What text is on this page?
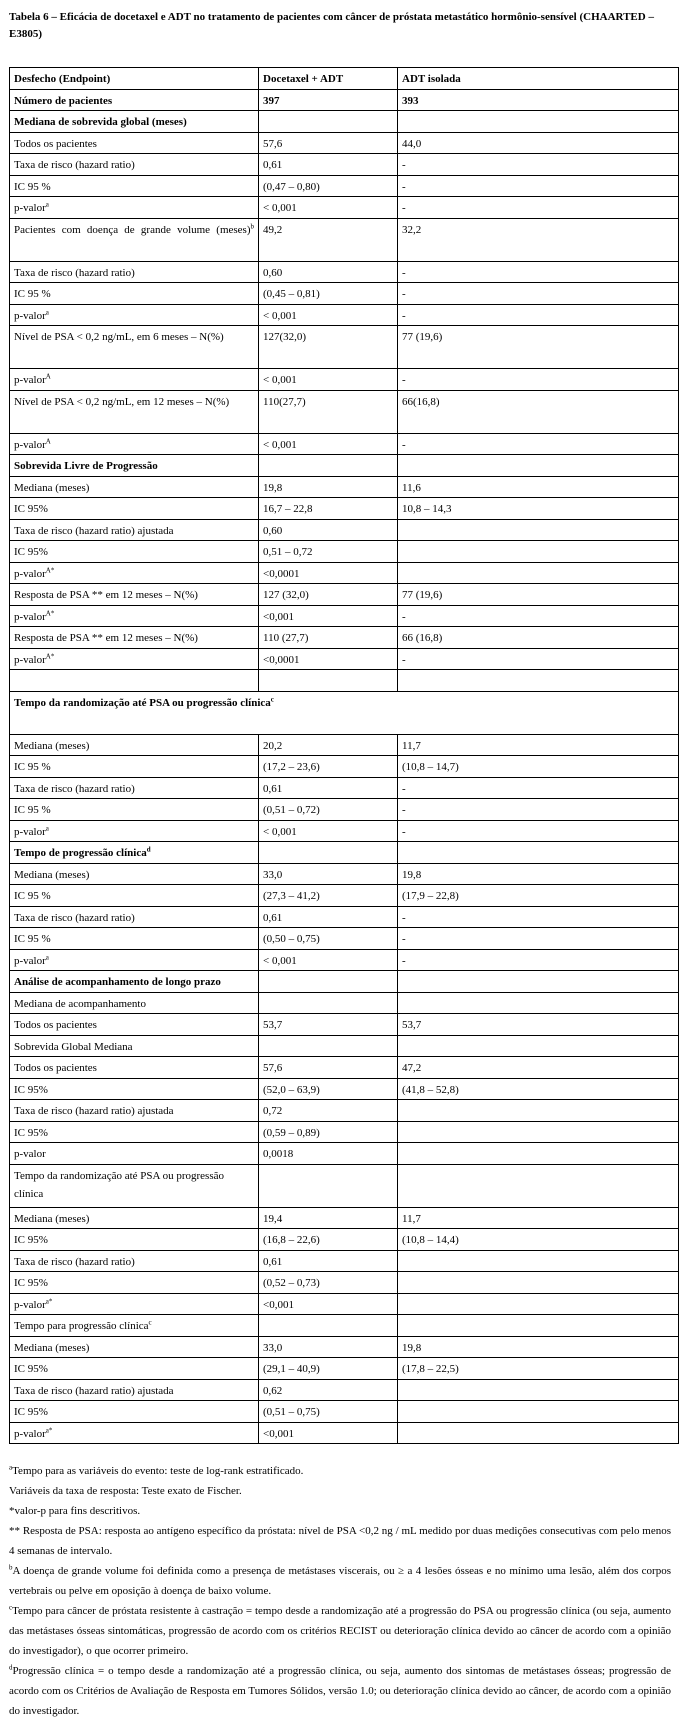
Tabela 6 – Eficácia de docetaxel e ADT no tratamento de pacientes com câncer de próstata metastático hormônio-sensível (CHAARTED – E3805)
Desfecho (Endpoint)	Docetaxel + ADT	ADT isolada
Número de pacientes	397	393
Mediana de sobrevida global (meses)		
Todos os pacientes	57,6	44,0
Taxa de risco (hazard ratio)	0,61	-
IC 95 %	(0,47 – 0,80)	-
p-valor$^a$	< 0,001	-
Pacientes com doença de grande volume (meses)$^b$	49,2	32,2
Taxa de risco (hazard ratio)	0,60	-
IC 95 %	(0,45 – 0,81)	-
p-valor$^a$	< 0,001	-
Nível de PSA < 0,2 ng/mL, em 6 meses – N(%)	127(32,0)	77 (19,6)
p-valor$^A$	< 0,001	-
Nível de PSA < 0,2 ng/mL, em 12 meses – N(%)	110(27,7)	66(16,8)
p-valor$^A$	< 0,001	-
Sobrevida Livre de Progressão		
Mediana (meses)	19,8	11,6
IC 95%	16,7 – 22,8	10,8 – 14,3
Taxa de risco (hazard ratio) ajustada	0,60	
IC 95%	0,51 – 0,72	
p-valor$^{A*}$	<0,0001	
Resposta de PSA ** em 12 meses – N(%)	127 (32,0)	77 (19,6)
p-valor$^{A*}$	<0,001	-
Resposta de PSA ** em 12 meses – N(%)	110 (27,7)	66 (16,8)
p-valor$^{A*}$	<0,0001	-

Tempo da randomização até PSA ou progressão clínica$^c$
Mediana (meses)	20,2	11,7
IC 95 %	(17,2 – 23,6)	(10,8 – 14,7)
Taxa de risco (hazard ratio)	0,61	-
IC 95 %	(0,51 – 0,72)	-
p-valor$^a$	< 0,001	-
Tempo de progressão clínica$^d$		
Mediana (meses)	33,0	19,8
IC 95 %	(27,3 – 41,2)	(17,9 – 22,8)
Taxa de risco (hazard ratio)	0,61	-
IC 95 %	(0,50 – 0,75)	-
p-valor$^a$	< 0,001	-
Análise de acompanhamento de longo prazo		
Mediana de acompanhamento		
Todos os pacientes	53,7	53,7
Sobrevida Global Mediana		
Todos os pacientes	57,6	47,2
IC 95%	(52,0 – 63,9)	(41,8 – 52,8)
Taxa de risco (hazard ratio) ajustada	0,72	
IC 95%	(0,59 – 0,89)	
p-valor	0,0018	
Tempo da randomização até PSA ou progressão clínica		
Mediana (meses)	19,4	11,7
IC 95%	(16,8 – 22,6)	(10,8 – 14,4)
Taxa de risco (hazard ratio)	0,61	
IC 95%	(0,52 – 0,73)	
p-valor$^{a*}$	<0,001	
Tempo para progressão clínica$^c$		
Mediana (meses)	33,0	19,8
IC 95%	(29,1 – 40,9)	(17,8 – 22,5)
Taxa de risco (hazard ratio) ajustada	0,62	
IC 95%	(0,51 – 0,75)	
p-valor$^{a*}$	<0,001	

$^a$Tempo para as variáveis do evento: teste de log-rank estratificado.

Variáveis da taxa de resposta: Teste exato de Fischer.

*valor-p para fins descritivos.

** Resposta de PSA: resposta ao antígeno específico da próstata: nível de PSA <0,2 ng / mL medido por duas medições consecutivas com pelo menos 4 semanas de intervalo.

$^b$A doença de grande volume foi definida como a presença de metástases viscerais, ou ≥ a 4 lesões ósseas e no mínimo uma lesão, além dos corpos vertebrais ou pelve em oposição à doença de baixo volume.

$^c$Tempo para câncer de próstata resistente à castração = tempo desde a randomização até a progressão do PSA ou progressão clínica (ou seja, aumento das metástases ósseas sintomáticas, progressão de acordo com os critérios RECIST ou deterioração clínica devido ao câncer de acordo com a opinião do investigador), o que ocorrer primeiro.

$^d$Progressão clínica = o tempo desde a randomização até a progressão clínica, ou seja, aumento dos sintomas de metástases ósseas; progressão de acordo com os Critérios de Avaliação de Resposta em Tumores Sólidos, versão 1.0; ou deterioração clínica devido ao câncer, de acordo com a opinião do investigador.
